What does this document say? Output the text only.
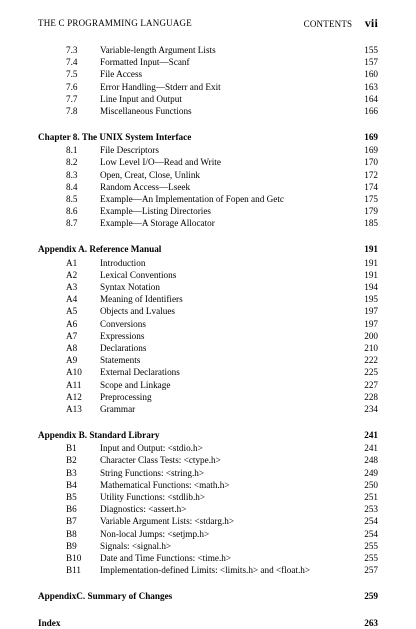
THE C PROGRAMMING LANGUAGE	CONTENTS vii
7.3 Variable-length Argument Lists	155
7.4 Formatted Input—Scanf	157
7.5 File Access	160
7.6 Error Handling—Stderr and Exit	163
7.7 Line Input and Output	164
7.8 Miscellaneous Functions	166
Chapter 8. The UNIX System Interface	169
8.1 File Descriptors	169
8.2 Low Level I/O—Read and Write	170
8.3 Open, Creat, Close, Unlink	172
8.4 Random Access—Lseek	174
8.5 Example—An Implementation of Fopen and Getc	175
8.6 Example—Listing Directories	179
8.7 Example—A Storage Allocator	185
Appendix A. Reference Manual	191
A1 Introduction	191
A2 Lexical Conventions	191
A3 Syntax Notation	194
A4 Meaning of Identifiers	195
A5 Objects and Lvalues	197
A6 Conversions	197
A7 Expressions	200
A8 Declarations	210
A9 Statements	222
A10 External Declarations	225
A11 Scope and Linkage	227
A12 Preprocessing	228
A13 Grammar	234
Appendix B. Standard Library	241
B1	Input and Output: <stdio.h>	241
B2	Character Class Tests: <ctype.h>	248
B3	String Functions: <string.h>	249
B4	Mathematical Functions: <math.h>	250
B5	Utility Functions: <stdlib.h>	251
B6	Diagnostics: <assert.h>	253
B7	Variable Argument Lists: <stdarg.h>	254
B8	Non-local Jumps: <setjmp.h>	254
B9	Signals: <signal.h>	255
B10 Date and Time Functions: <time.h>	255
B11 Implementation-defined Limits: <limits.h> and <float.h>	257
AppendixC. Summary of Changes	259
Index	263
